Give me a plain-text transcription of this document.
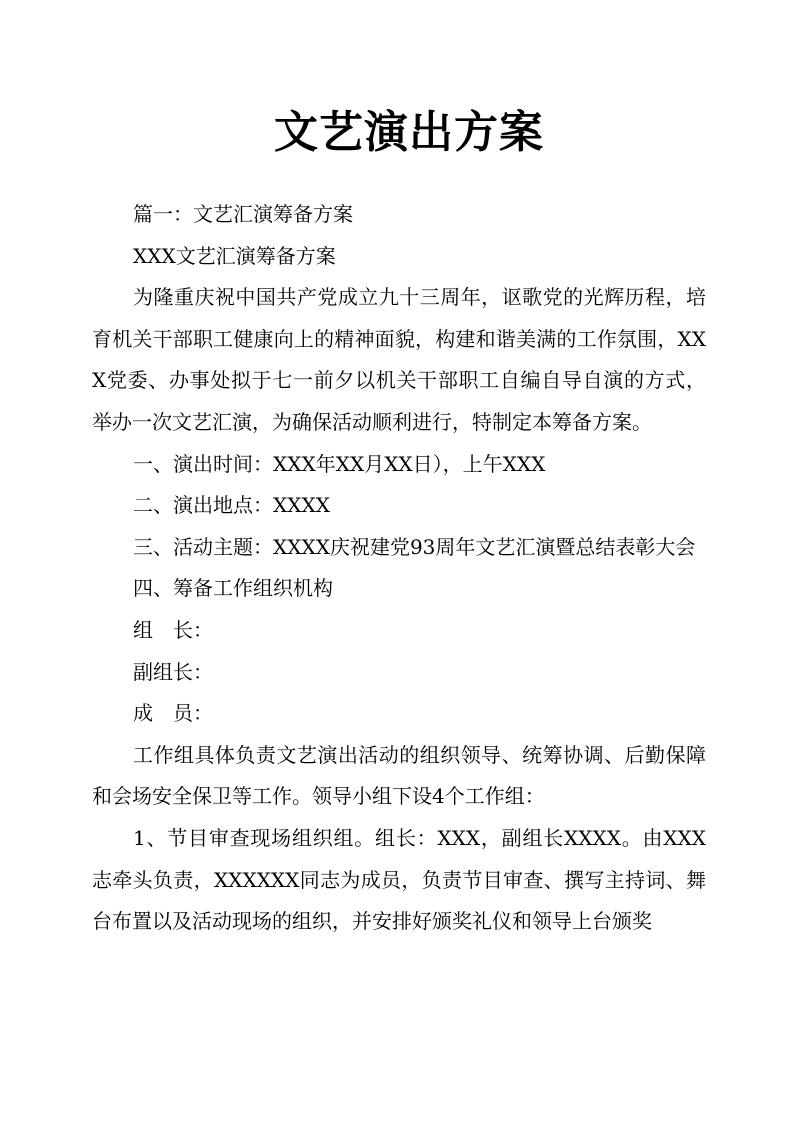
文艺演出方案

篇一：文艺汇演筹备方案

XXX文艺汇演筹备方案

为隆重庆祝中国共产党成立九十三周年，讴歌党的光辉历程，培育机关干部职工健康向上的精神面貌，构建和谐美满的工作氛围，XXX党委、办事处拟于七一前夕以机关干部职工自编自导自演的方式，举办一次文艺汇演，为确保活动顺利进行，特制定本筹备方案。

一、演出时间：XXX年XX月XX日），上午XXX

二、演出地点：XXXX

三、活动主题：XXXX庆祝建党93周年文艺汇演暨总结表彰大会

四、筹备工作组织机构

组　长：

副组长：

成　员：

工作组具体负责文艺演出活动的组织领导、统筹协调、后勤保障和会场安全保卫等工作。领导小组下设4个工作组：

1、节目审查现场组织组。组长：XXX，副组长XXXX。由XXX志牵头负责，XXXXXX同志为成员，负责节目审查、撰写主持词、舞台布置以及活动现场的组织，并安排好颁奖礼仪和领导上台颁奖
